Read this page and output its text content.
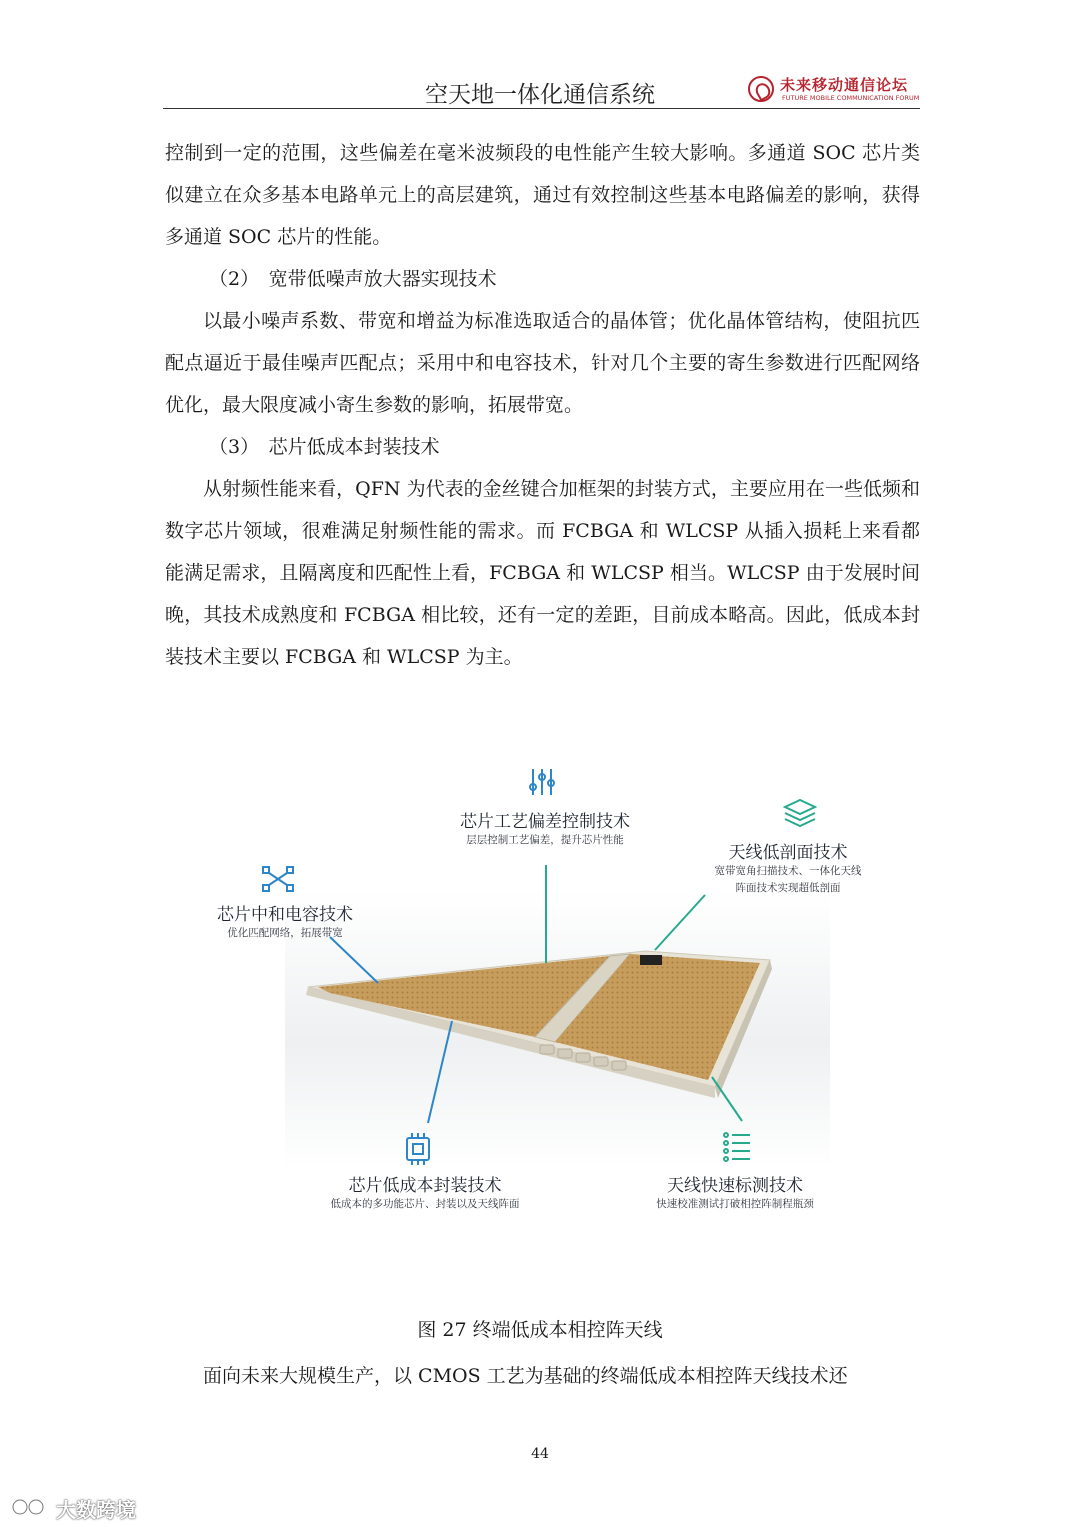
空天地一体化通信系统	未来移动通信论坛
FUTURE MOBILE COMMUNICATION FORUM

控制到一定的范围，这些偏差在毫米波频段的电性能产生较大影响。多通道 SOC 芯片类似建立在众多基本电路单元上的高层建筑，通过有效控制这些基本电路偏差的影响，获得多通道 SOC 芯片的性能。

（2）　宽带低噪声放大器实现技术

以最小噪声系数、带宽和增益为标准选取适合的晶体管；优化晶体管结构，使阻抗匹配点逼近于最佳噪声匹配点；采用中和电容技术，针对几个主要的寄生参数进行匹配网络优化，最大限度减小寄生参数的影响，拓展带宽。

（3）　芯片低成本封装技术

从射频性能来看，QFN 为代表的金丝键合加框架的封装方式，主要应用在一些低频和数字芯片领域，很难满足射频性能的需求。而 FCBGA 和 WLCSP 从插入损耗上来看都能满足需求，且隔离度和匹配性上看，FCBGA 和 WLCSP 相当。WLCSP 由于发展时间晚，其技术成熟度和 FCBGA 相比较，还有一定的差距，目前成本略高。因此，低成本封装技术主要以 FCBGA 和 WLCSP 为主。

芯片工艺偏差控制技术
层层控制工艺偏差，提升芯片性能
天线低剖面技术
宽带宽角扫描技术、一体化天线阵面技术实现超低剖面
芯片中和电容技术
优化匹配网络，拓展带宽
芯片低成本封装技术
低成本的多功能芯片、封装以及天线阵面
天线快速标测技术
快速校准测试打破相控阵制程瓶颈
图 27 终端低成本相控阵天线

面向未来大规模生产，以 CMOS 工艺为基础的终端低成本相控阵天线技术还

44
大数跨境
